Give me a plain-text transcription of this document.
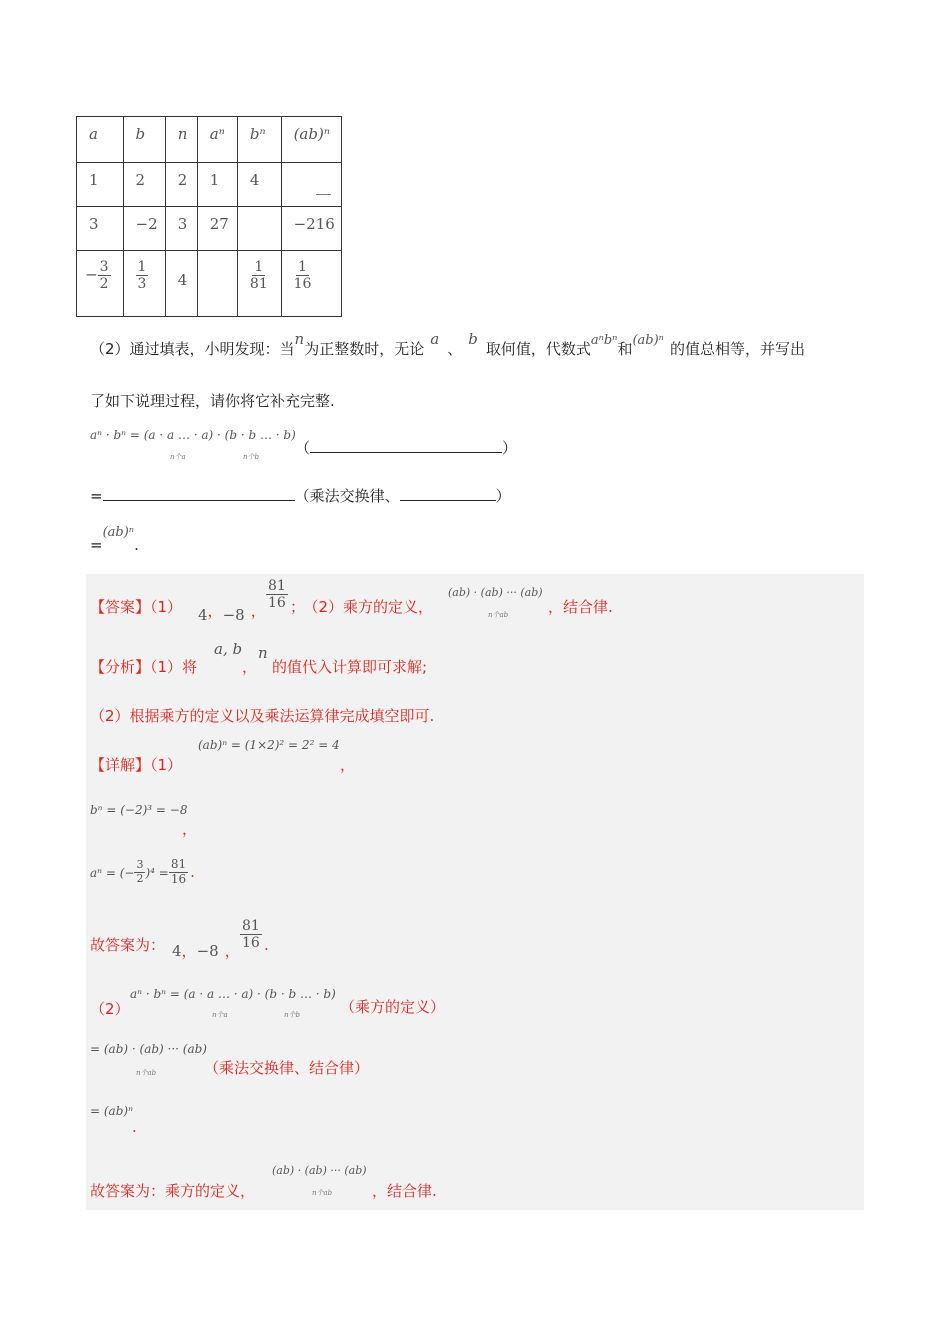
a	b	n	aⁿ	bⁿ	(ab)ⁿ
1	2	2	1	4	__
3	−2	3	27		−216
− $\frac{3}{2}$	$\frac{1}{3}$	4		$\frac{1}{81}$	$\frac{1}{16}$
（2）通过填表，小明发现：当n为正整数时，无论a、b取何值，代数式aⁿbⁿ和(ab)ⁿ 的值总相等，并写出
了如下说理过程，请你将它补充完整.
aⁿ · bⁿ = (a · a … · a) · (b · b … · b)
n个a	n个b （	）
=	（乘法交换律、	）
=(ab)ⁿ.
【答案】（1） 4，−8 ， $\frac{81}{16}$ ； （2）乘方的定义，
(ab) · (ab) ··· (ab)
n个ab	，结合律.
【分析】（1）将
a, b
，
n
的值代入计算即可求解;
（2）根据乘方的定义以及乘法运算律完成填空即可.
【详解】（1）
(ab)ⁿ = (1×2)² = 2² = 4
，
bⁿ = (−2)³ = −8
，
aⁿ = (− $\frac{3}{2} )^4 = \frac{81}{16}$ .
故答案为： 4，−8 ， $\frac{81}{16}$ .
（2）
aⁿ · bⁿ = (a · a … · a) · (b · b … · b)
n个a	n个b	（乘方的定义）
= (ab) · (ab) ··· (ab)
n个ab	（乘法交换律、结合律）
= (ab)ⁿ
.
故答案为：乘方的定义，
(ab) · (ab) ··· (ab)
n个ab	，结合律.
